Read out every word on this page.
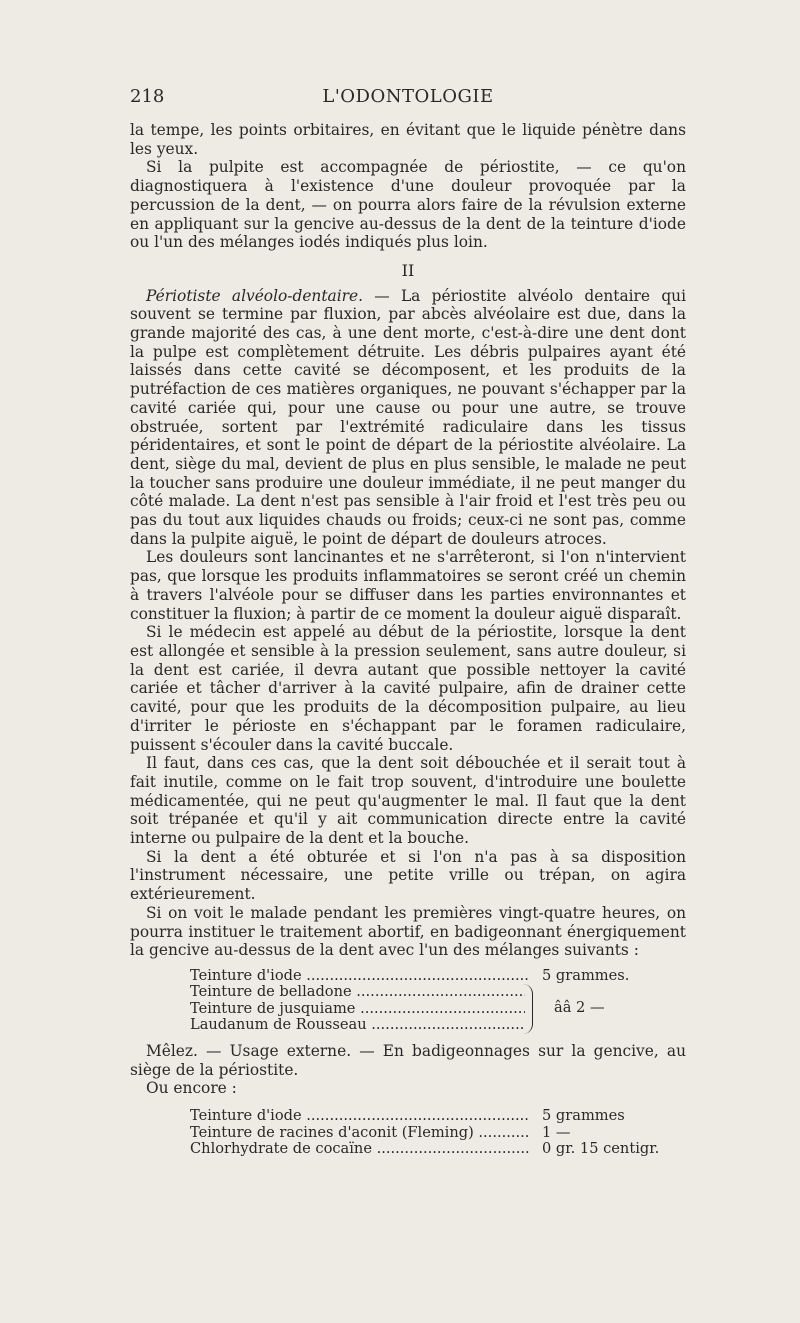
218	L'ODONTOLOGIE

la tempe, les points orbitaires, en évitant que le liquide pénètre dans les yeux.

Si la pulpite est accompagnée de périostite, — ce qu'on diagnostiquera à l'existence d'une douleur provoquée par la percussion de la dent, — on pourra alors faire de la révulsion externe en appliquant sur la gencive au-dessus de la dent de la teinture d'iode ou l'un des mélanges iodés indiqués plus loin.

II

Périotiste alvéolo-dentaire. — La périostite alvéolo dentaire qui souvent se termine par fluxion, par abcès alvéolaire est due, dans la grande majorité des cas, à une dent morte, c'est-à-dire une dent dont la pulpe est complètement détruite. Les débris pulpaires ayant été laissés dans cette cavité se décomposent, et les produits de la putréfaction de ces matières organiques, ne pouvant s'échapper par la cavité cariée qui, pour une cause ou pour une autre, se trouve obstruée, sortent par l'extrémité radiculaire dans les tissus péridentaires, et sont le point de départ de la périostite alvéolaire. La dent, siège du mal, devient de plus en plus sensible, le malade ne peut la toucher sans produire une douleur immédiate, il ne peut manger du côté malade. La dent n'est pas sensible à l'air froid et l'est très peu ou pas du tout aux liquides chauds ou froids; ceux-ci ne sont pas, comme dans la pulpite aiguë, le point de départ de douleurs atroces.

Les douleurs sont lancinantes et ne s'arrêteront, si l'on n'intervient pas, que lorsque les produits inflammatoires se seront créé un chemin à travers l'alvéole pour se diffuser dans les parties environnantes et constituer la fluxion; à partir de ce moment la douleur aiguë disparaît.

Si le médecin est appelé au début de la périostite, lorsque la dent est allongée et sensible à la pression seulement, sans autre douleur, si la dent est cariée, il devra autant que possible nettoyer la cavité cariée et tâcher d'arriver à la cavité pulpaire, afin de drainer cette cavité, pour que les produits de la décomposition pulpaire, au lieu d'irriter le périoste en s'échappant par le foramen radiculaire, puissent s'écouler dans la cavité buccale.

Il faut, dans ces cas, que la dent soit débouchée et il serait tout à fait inutile, comme on le fait trop souvent, d'introduire une boulette médicamentée, qui ne peut qu'augmenter le mal. Il faut que la dent soit trépanée et qu'il y ait communication directe entre la cavité interne ou pulpaire de la dent et la bouche.

Si la dent a été obturée et si l'on n'a pas à sa disposition l'instrument nécessaire, une petite vrille ou trépan, on agira extérieurement.

Si on voit le malade pendant les premières vingt-quatre heures, on pourra instituer le traitement abortif, en badigeonnant énergiquement la gencive au-dessus de la dent avec l'un des mélanges suivants :

Teinture d'iode .....	5 grammes.
Teinture de belladone .....
Teinture de jusquiame .....
Laudanum de Rousseau .....
ââ 2 —

Mêlez. — Usage externe. — En badigeonnages sur la gencive, au siège de la périostite.

Ou encore :

Teinture d'iode .....	5 grammes
Teinture de racines d'aconit (Fleming) .....	1 —
Chlorhydrate de cocaïne .....	0 gr. 15 centigr.
